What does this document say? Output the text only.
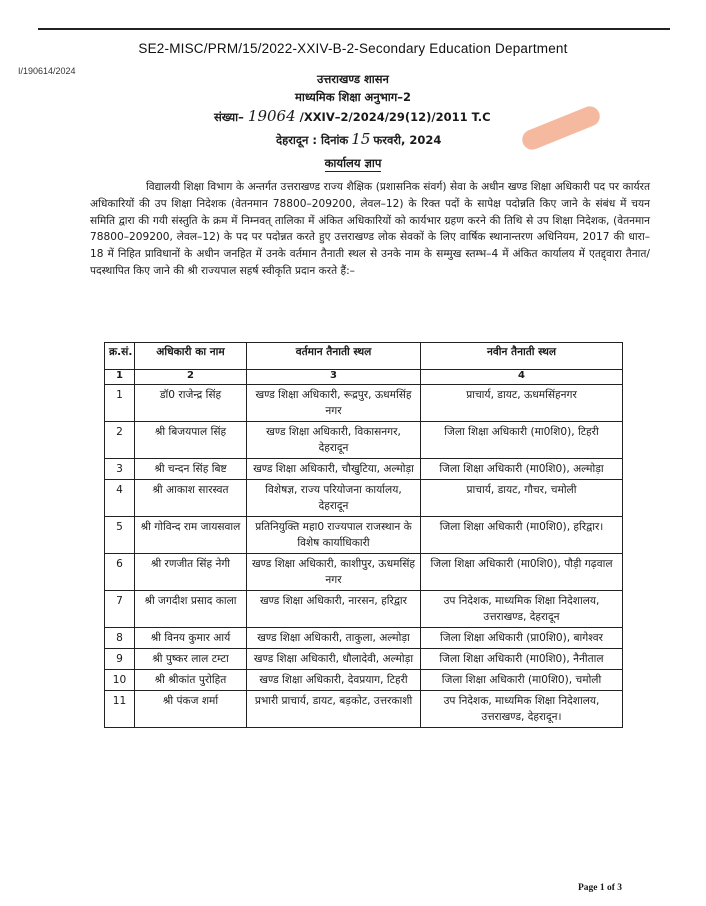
SE2-MISC/PRM/15/2022-XXIV-B-2-Secondary Education Department
I/190614/2024
उत्तराखण्ड शासन
माध्यमिक शिक्षा अनुभाग–2
संख्या– 19064 /XXIV–2/2024/29(12)/2011 T.C
देहरादून : दिनांक 15 फरवरी, 2024
कार्यालय ज्ञाप

विद्यालयी शिक्षा विभाग के अन्तर्गत उत्तराखण्ड राज्य शैक्षिक (प्रशासनिक संवर्ग) सेवा के अधीन खण्ड शिक्षा अधिकारी पद पर कार्यरत अधिकारियों की उप शिक्षा निदेशक (वेतनमान 78800–209200, लेवल–12) के रिक्त पदों के सापेक्ष पदोन्नति किए जाने के संबंध में चयन समिति द्वारा की गयी संस्तुति के क्रम में निम्नवत् तालिका में अंकित अधिकारियों को कार्यभार ग्रहण करने की तिथि से उप शिक्षा निदेशक, (वेतनमान 78800–209200, लेवल–12) के पद पर पदोन्नत करते हुए उत्तराखण्ड लोक सेवकों के लिए वार्षिक स्थानान्तरण अधिनियम, 2017 की धारा–18 में निहित प्राविधानों के अधीन जनहित में उनके वर्तमान तैनाती स्थल से उनके नाम के सम्मुख स्तम्भ–4 में अंकित कार्यालय में एतद्द्वारा तैनात/पदस्थापित किए जाने की श्री राज्यपाल सहर्ष स्वीकृति प्रदान करते हैं:–

क्र.सं.	अधिकारी का नाम	वर्तमान तैनाती स्थल	नवीन तैनाती स्थल
1	2	3	4
1	डॉ0 राजेन्द्र सिंह	खण्ड शिक्षा अधिकारी, रूद्रपुर, ऊधमसिंह नगर	प्राचार्य, डायट, ऊधमसिंहनगर
2	श्री बिजयपाल सिंह	खण्ड शिक्षा अधिकारी, विकासनगर, देहरादून	जिला शिक्षा अधिकारी (मा0शि0), टिहरी
3	श्री चन्दन सिंह बिष्ट	खण्ड शिक्षा अधिकारी, चौखुटिया, अल्मोड़ा	जिला शिक्षा अधिकारी (मा0शि0), अल्मोड़ा
4	श्री आकाश सारस्वत	विशेषज्ञ, राज्य परियोजना कार्यालय, देहरादून	प्राचार्य, डायट, गौचर, चमोली
5	श्री गोविन्द राम जायसवाल	प्रतिनियुक्ति महा0 राज्यपाल राजस्थान के विशेष कार्याधिकारी	जिला शिक्षा अधिकारी (मा0शि0), हरिद्वार।
6	श्री रणजीत सिंह नेगी	खण्ड शिक्षा अधिकारी, काशीपुर, ऊधमसिंह नगर	जिला शिक्षा अधिकारी (मा0शि0), पौड़ी गढ़वाल
7	श्री जगदीश प्रसाद काला	खण्ड शिक्षा अधिकारी, नारसन, हरिद्वार	उप निदेशक, माध्यमिक शिक्षा निदेशालय, उत्तराखण्ड, देहरादून
8	श्री विनय कुमार आर्य	खण्ड शिक्षा अधिकारी, ताकुला, अल्मोड़ा	जिला शिक्षा अधिकारी (प्रा0शि0), बागेश्वर
9	श्री पुष्कर लाल टम्टा	खण्ड शिक्षा अधिकारी, धौलादेवी, अल्मोड़ा	जिला शिक्षा अधिकारी (मा0शि0), नैनीताल
10	श्री श्रीकांत पुरोहित	खण्ड शिक्षा अधिकारी, देवप्रयाग, टिहरी	जिला शिक्षा अधिकारी (मा0शि0), चमोली
11	श्री पंकज शर्मा	प्रभारी प्राचार्य, डायट, बड़कोट, उत्तरकाशी	उप निदेशक, माध्यमिक शिक्षा निदेशालय, उत्तराखण्ड, देहरादून।
Page 1 of 3
